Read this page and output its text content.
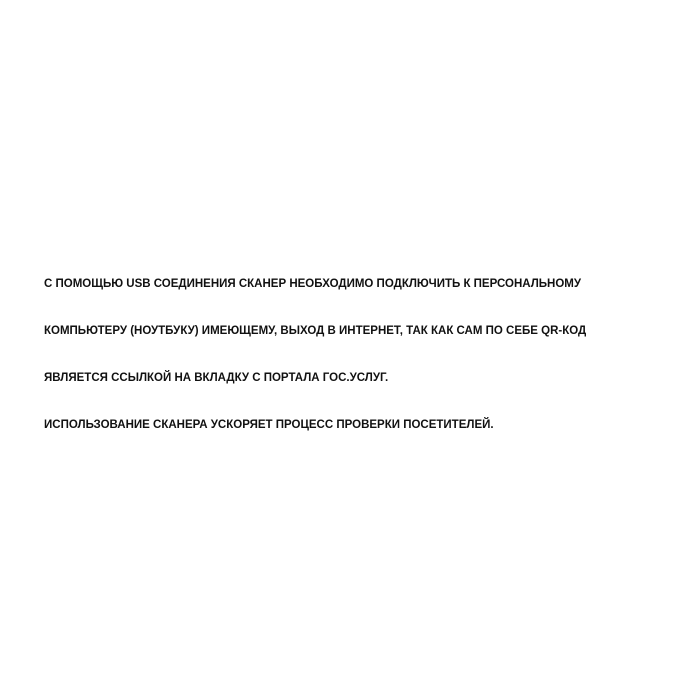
С ПОМОЩЬЮ USB СОЕДИНЕНИЯ СКАНЕР НЕОБХОДИМО ПОДКЛЮЧИТЬ К ПЕРСОНАЛЬНОМУ
КОМПЬЮТЕРУ (НОУТБУКУ) ИМЕЮЩЕМУ, ВЫХОД В ИНТЕРНЕТ, ТАК КАК САМ ПО СЕБЕ QR-КОД
ЯВЛЯЕТСЯ ССЫЛКОЙ НА ВКЛАДКУ С ПОРТАЛА ГОС.УСЛУГ.
ИСПОЛЬЗОВАНИЕ СКАНЕРА УСКОРЯЕТ ПРОЦЕСС ПРОВЕРКИ ПОСЕТИТЕЛЕЙ.
